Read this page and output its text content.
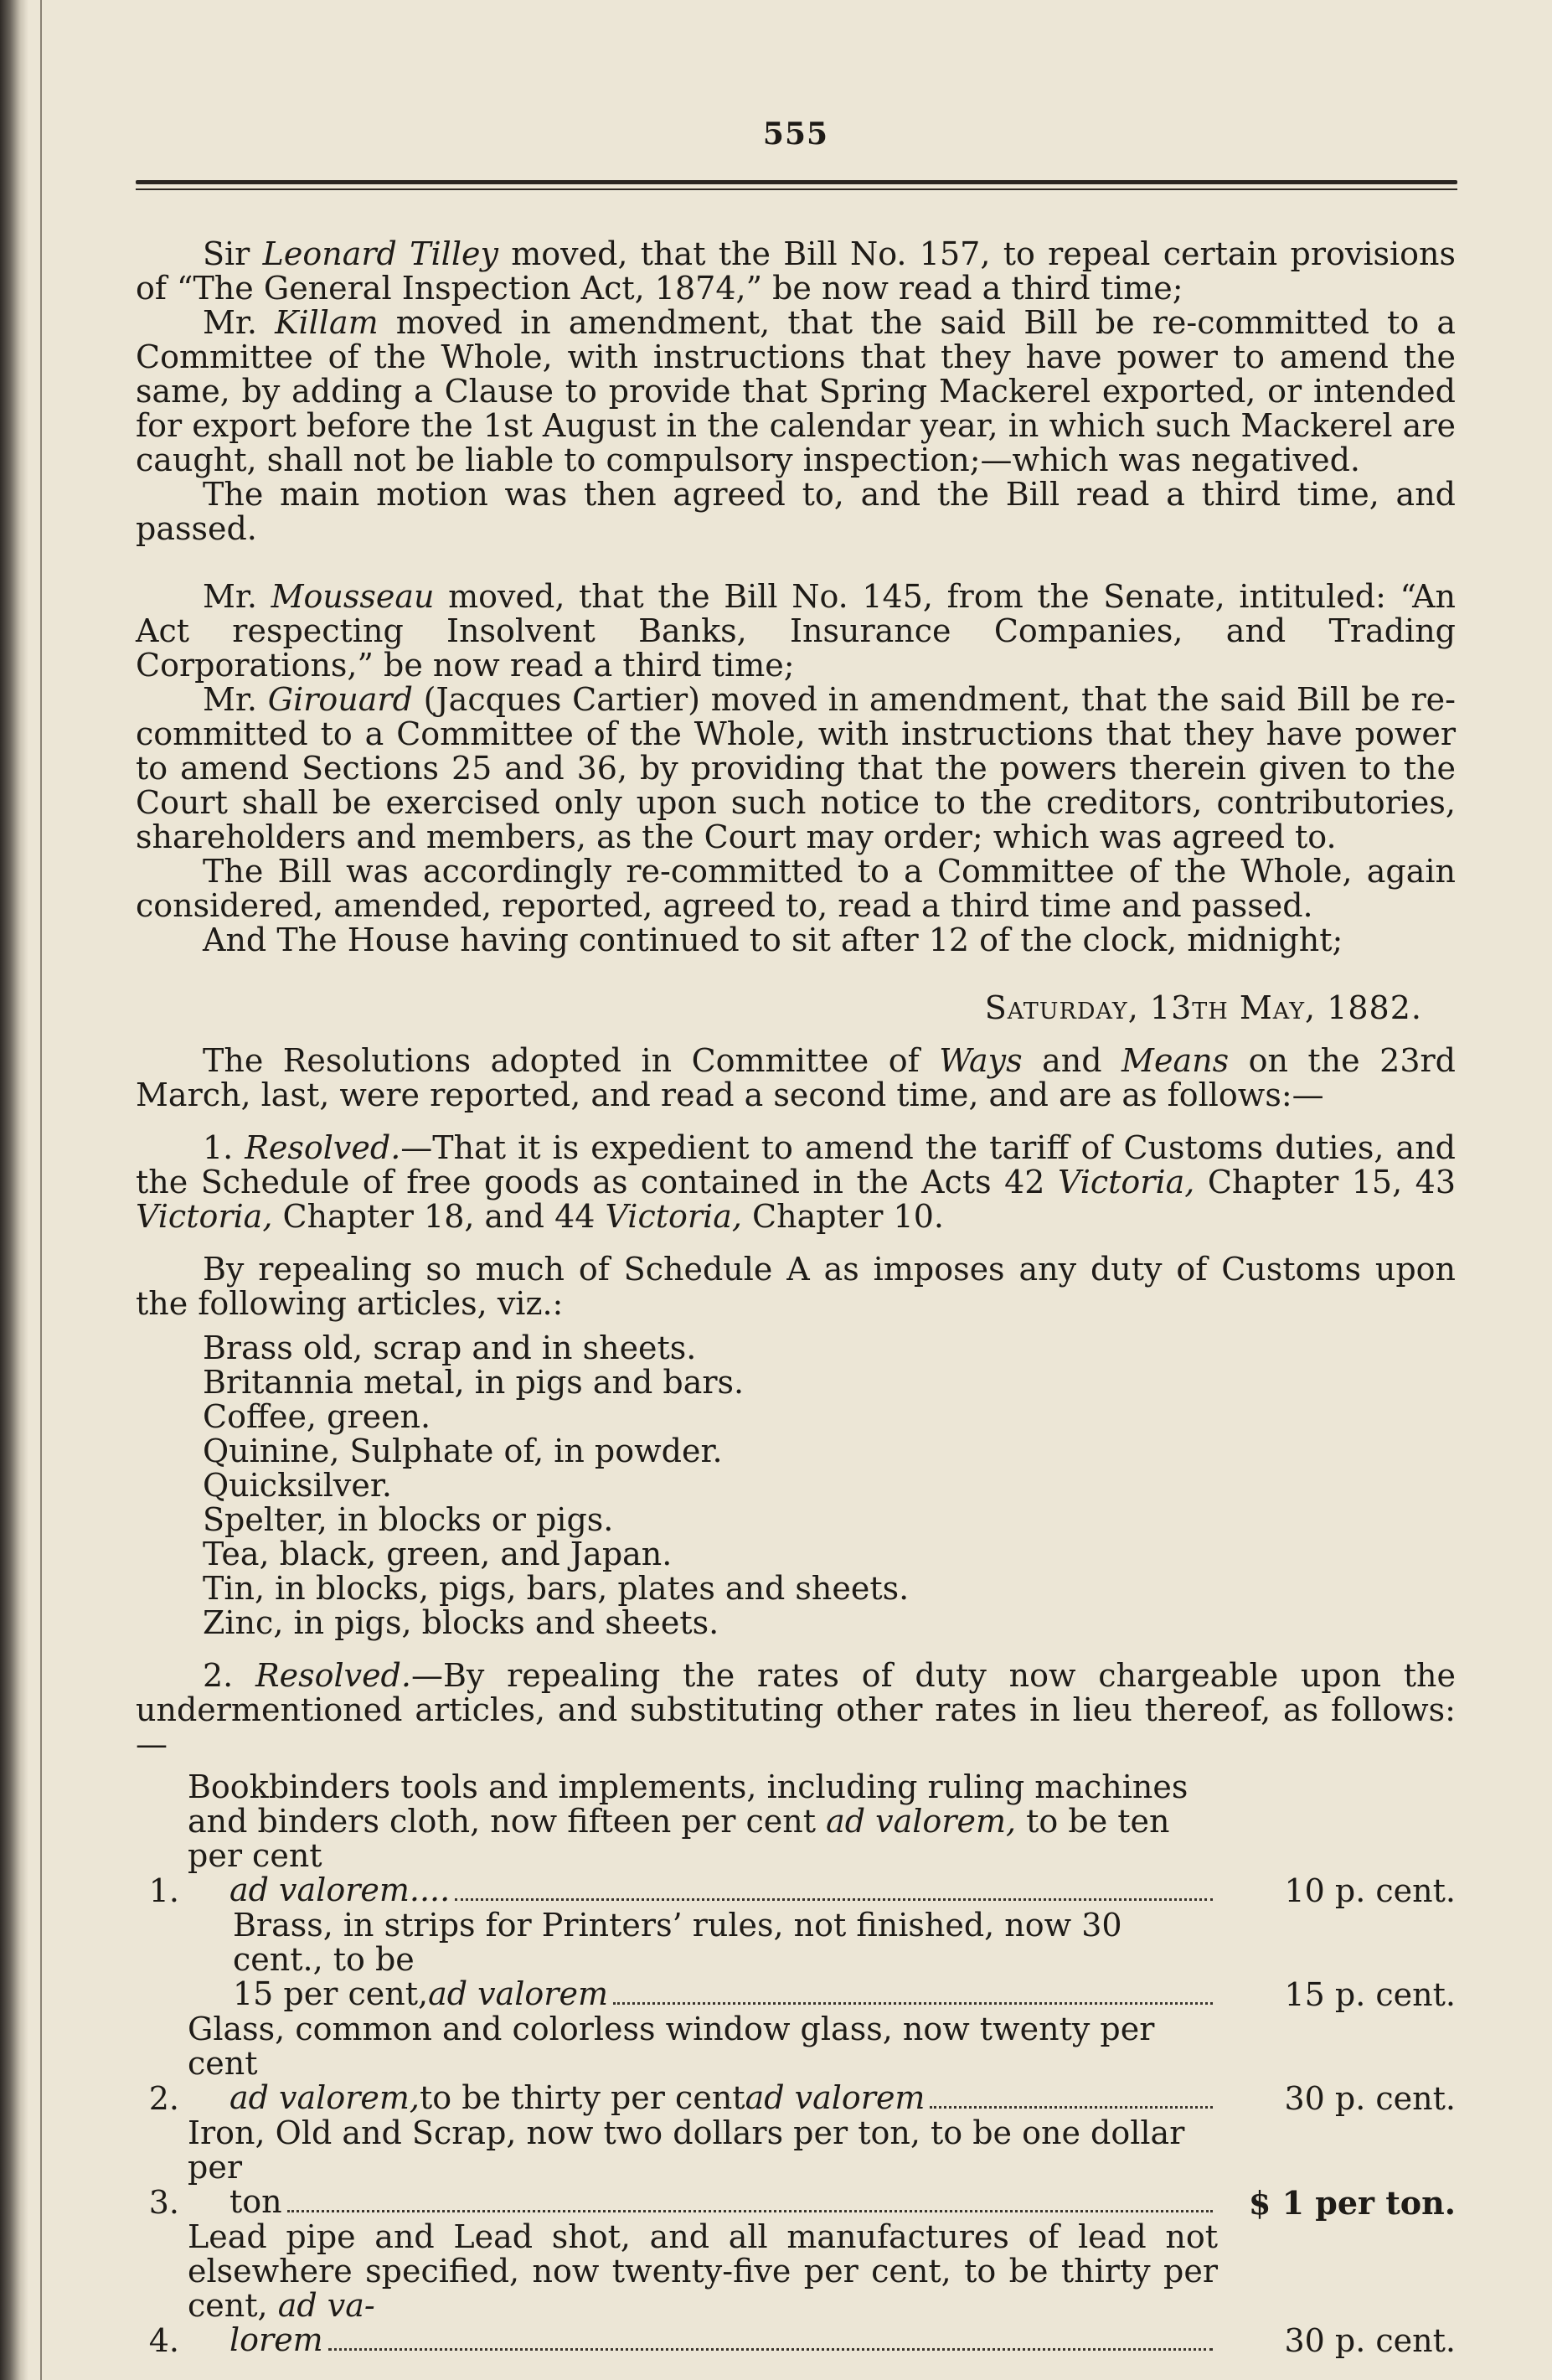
555

Sir Leonard Tilley moved, that the Bill No. 157, to repeal certain provisions of “The General Inspection Act, 1874,” be now read a third time;

Mr. Killam moved in amendment, that the said Bill be re-committed to a Committee of the Whole, with instructions that they have power to amend the same, by adding a Clause to provide that Spring Mackerel exported, or intended for export before the 1st August in the calendar year, in which such Mackerel are caught, shall not be liable to compulsory inspection;—which was negatived.

The main motion was then agreed to, and the Bill read a third time, and passed.

Mr. Mousseau moved, that the Bill No. 145, from the Senate, intituled: “An Act respecting Insolvent Banks, Insurance Companies, and Trading Corporations,” be now read a third time;

Mr. Girouard (Jacques Cartier) moved in amendment, that the said Bill be re-committed to a Committee of the Whole, with instructions that they have power to amend Sections 25 and 36, by providing that the powers therein given to the Court shall be exercised only upon such notice to the creditors, contributories, shareholders and members, as the Court may order; which was agreed to.

The Bill was accordingly re-committed to a Committee of the Whole, again considered, amended, reported, agreed to, read a third time and passed.

And The House having continued to sit after 12 of the clock, midnight;

Saturday, 13th May, 1882.

The Resolutions adopted in Committee of Ways and Means on the 23rd March, last, were reported, and read a second time, and are as follows:—

1. Resolved.—That it is expedient to amend the tariff of Customs duties, and the Schedule of free goods as contained in the Acts 42 Victoria, Chapter 15, 43 Victoria, Chapter 18, and 44 Victoria, Chapter 10.

By repealing so much of Schedule A as imposes any duty of Customs upon the following articles, viz.:

Brass old, scrap and in sheets.
Britannia metal, in pigs and bars.
Coffee, green.
Quinine, Sulphate of, in powder.
Quicksilver.
Spelter, in blocks or pigs.
Tea, black, green, and Japan.
Tin, in blocks, pigs, bars, plates and sheets.
Zinc, in pigs, blocks and sheets.

2. Resolved.—By repealing the rates of duty now chargeable upon the undermentioned articles, and substituting other rates in lieu thereof, as follows:—

1.
Bookbinders tools and implements, including ruling machines and binders cloth, now fifteen per cent ad valorem, to be ten per cent
ad valorem....	10 p. cent.
Brass, in strips for Printers’ rules, not finished, now 30 cent., to be
15 per cent, ad valorem	15 p. cent.
2.
Glass, common and colorless window glass, now twenty per cent
ad valorem, to be thirty per cent ad valorem	30 p. cent.
3.
Iron, Old and Scrap, now two dollars per ton, to be one dollar per
ton	$ 1 per ton.
4.
Lead pipe and Lead shot, and all manufactures of lead not elsewhere specified, now twenty-five per cent, to be thirty per cent, ad va-
lorem	30 p. cent.
